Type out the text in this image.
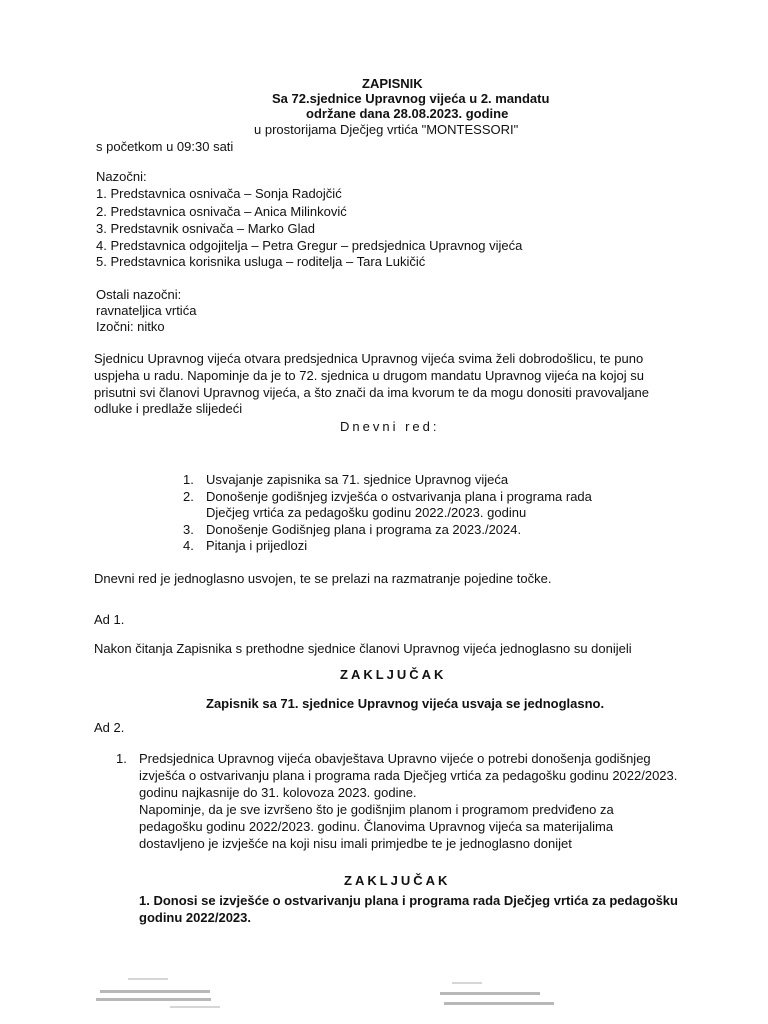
ZAPISNIK
Sa 72.sjednice Upravnog vijeća u 2. mandatu
održane dana 28.08.2023. godine
u prostorijama Dječjeg vrtića "MONTESSORI"
s početkom u 09:30 sati
Nazočni:
1. Predstavnica osnivača – Sonja Radojčić
2. Predstavnica osnivača – Anica Milinković
3. Predstavnik osnivača – Marko Glad
4. Predstavnica odgojitelja – Petra Gregur – predsjednica Upravnog vijeća
5. Predstavnica korisnika usluga – roditelja – Tara Lukičić
Ostali nazočni:
ravnateljica vrtića
Izočni: nitko
Sjednicu Upravnog vijeća otvara predsjednica Upravnog vijeća svima želi dobrodošlicu, te puno
uspjeha u radu. Napominje da je to 72. sjednica u drugom mandatu Upravnog vijeća na kojoj su
prisutni svi članovi Upravnog vijeća, a što znači da ima kvorum te da mogu donositi pravovaljane
odluke i predlaže slijedeći
Dnevni red:
1. Usvajanje zapisnika sa 71. sjednice Upravnog vijeća
2. Donošenje godišnjeg izvješća o ostvarivanja plana i programa rada
Dječjeg vrtića za pedagošku godinu 2022./2023. godinu
3. Donošenje Godišnjeg plana i programa za 2023./2024.
4. Pitanja i prijedlozi
Dnevni red je jednoglasno usvojen, te se prelazi na razmatranje pojedine točke.
Ad 1.
Nakon čitanja Zapisnika s prethodne sjednice članovi Upravnog vijeća jednoglasno su donijeli
ZAKLJUČAK
Zapisnik sa 71. sjednice Upravnog vijeća usvaja se jednoglasno.
Ad 2.
1. Predsjednica Upravnog vijeća obavještava Upravno vijeće o potrebi donošenja godišnjeg
izvješća o ostvarivanju plana i programa rada Dječjeg vrtića za pedagošku godinu 2022/2023.
godinu najkasnije do 31. kolovoza 2023. godine.
Napominje, da je sve izvršeno što je godišnjim planom i programom predviđeno za
pedagošku godinu 2022/2023. godinu. Članovima Upravnog vijeća sa materijalima
dostavljeno je izvješće na koji nisu imali primjedbe te je jednoglasno donijet
ZAKLJUČAK
1. Donosi se izvješće o ostvarivanju plana i programa rada Dječjeg vrtića za pedagošku
godinu 2022/2023.
